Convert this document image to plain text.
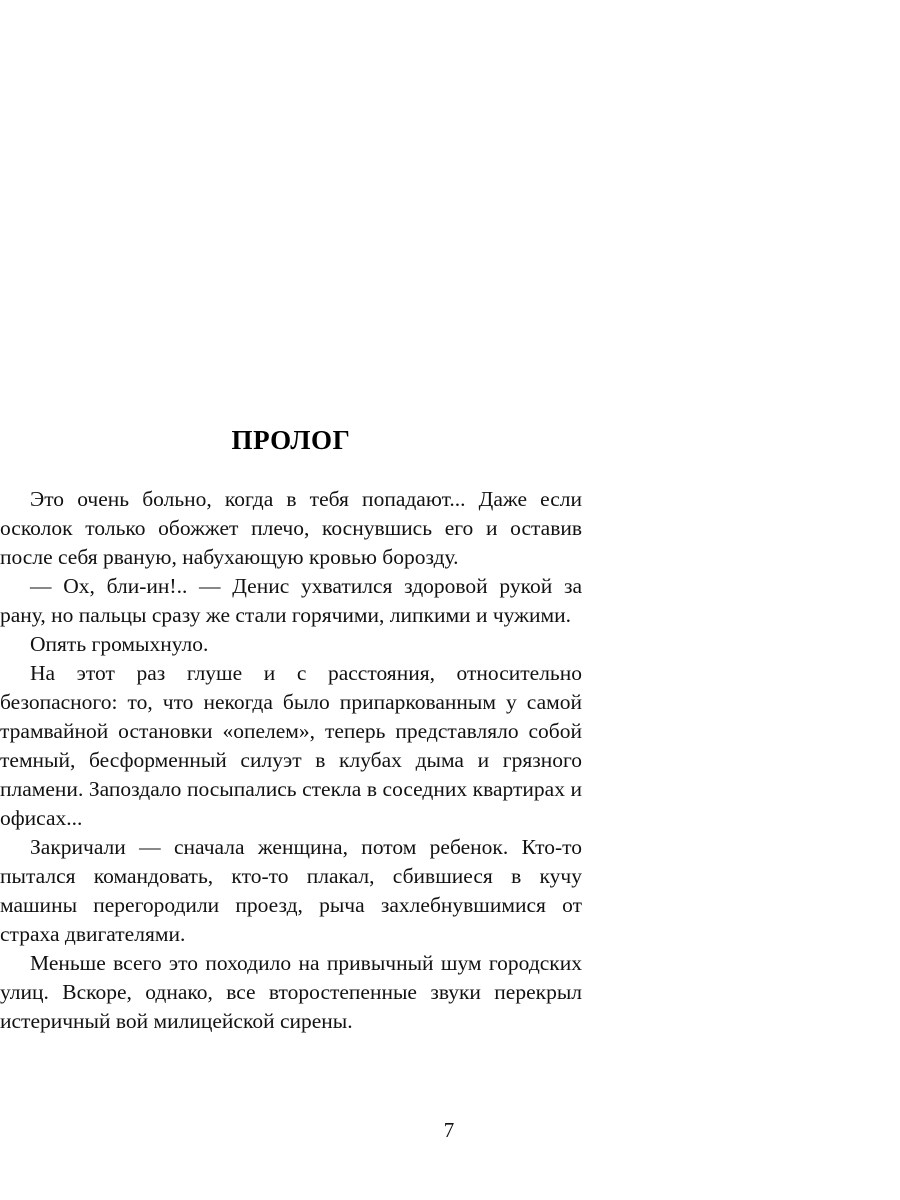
ПРОЛОГ

Это очень больно, когда в тебя попадают... Даже если осколок только обожжет плечо, коснувшись его и оставив после себя рваную, набухающую кровью борозду.

— Ох, бли-ин!.. — Денис ухватился здоровой рукой за рану, но пальцы сразу же стали горячими, липкими и чужими.

Опять громыхнуло.

На этот раз глуше и с расстояния, относительно безопасного: то, что некогда было припаркованным у самой трамвайной остановки «опелем», теперь представляло собой темный, бесформенный силуэт в клубах дыма и грязного пламени. Запоздало посыпались стекла в соседних квартирах и офисах...

Закричали — сначала женщина, потом ребенок. Кто-то пытался командовать, кто-то плакал, сбившиеся в кучу машины перегородили проезд, рыча захлебнувшимися от страха двигателями.

Меньше всего это походило на привычный шум городских улиц. Вскоре, однако, все второстепенные звуки перекрыл истеричный вой милицейской сирены.

7
